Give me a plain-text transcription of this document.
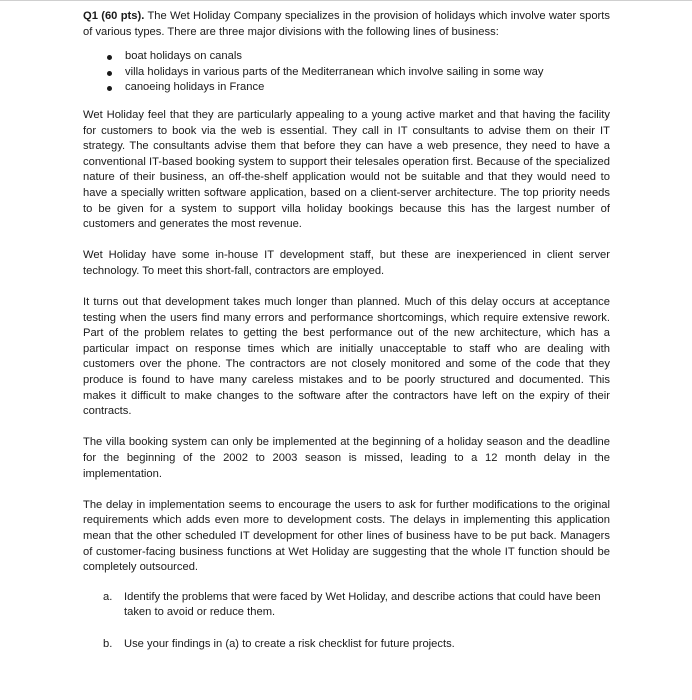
Q1 (60 pts). The Wet Holiday Company specializes in the provision of holidays which involve water sports of various types. There are three major divisions with the following lines of business:

boat holidays on canals
villa holidays in various parts of the Mediterranean which involve sailing in some way
canoeing holidays in France

Wet Holiday feel that they are particularly appealing to a young active market and that having the facility for customers to book via the web is essential. They call in IT consultants to advise them on their IT strategy. The consultants advise them that before they can have a web presence, they need to have a conventional IT-based booking system to support their telesales operation first. Because of the specialized nature of their business, an off-the-shelf application would not be suitable and that they would need to have a specially written software application, based on a client-server architecture. The top priority needs to be given for a system to support villa holiday bookings because this has the largest number of customers and generates the most revenue.

Wet Holiday have some in-house IT development staff, but these are inexperienced in client server technology. To meet this short-fall, contractors are employed.

It turns out that development takes much longer than planned. Much of this delay occurs at acceptance testing when the users find many errors and performance shortcomings, which require extensive rework. Part of the problem relates to getting the best performance out of the new architecture, which has a particular impact on response times which are initially unacceptable to staff who are dealing with customers over the phone. The contractors are not closely monitored and some of the code that they produce is found to have many careless mistakes and to be poorly structured and documented. This makes it difficult to make changes to the software after the contractors have left on the expiry of their contracts.

The villa booking system can only be implemented at the beginning of a holiday season and the deadline for the beginning of the 2002 to 2003 season is missed, leading to a 12 month delay in the implementation.

The delay in implementation seems to encourage the users to ask for further modifications to the original requirements which adds even more to development costs. The delays in implementing this application mean that the other scheduled IT development for other lines of business have to be put back. Managers of customer-facing business functions at Wet Holiday are suggesting that the whole IT function should be completely outsourced.

a. Identify the problems that were faced by Wet Holiday, and describe actions that could have been taken to avoid or reduce them.
b. Use your findings in (a) to create a risk checklist for future projects.
